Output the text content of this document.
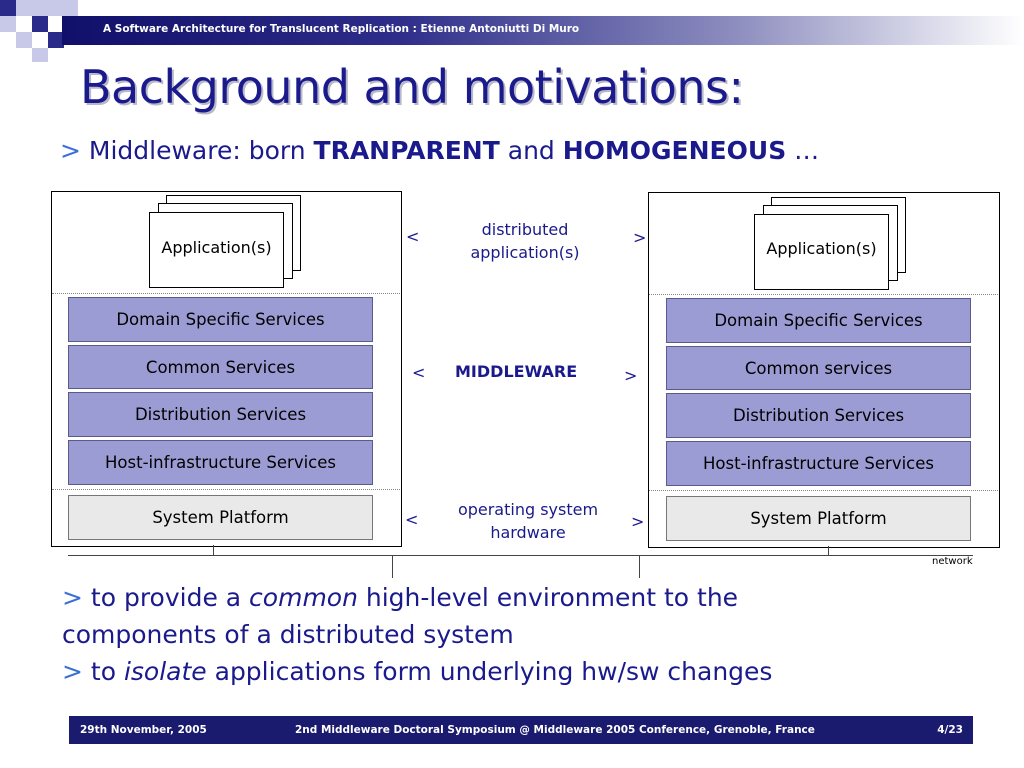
A Software Architecture for Translucent Replication : Etienne Antoniutti Di Muro
Background and motivations:
> Middleware: born TRANPARENT and HOMOGENEOUS …
Application(s)
Domain Specific Services
Common Services
Distribution Services
Host-infrastructure Services
System Platform
Application(s)
Domain Specific Services
Common services
Distribution Services
Host-infrastructure Services
System Platform
<	distributed
application(s)
>
< MIDDLEWARE	>
<
operating system
hardware
>
network
> to provide a common high-level environment to the
components of a distributed system
> to isolate applications form underlying hw/sw changes
29th November, 2005	2nd Middleware Doctoral Symposium @ Middleware 2005 Conference, Grenoble, France	4/23
